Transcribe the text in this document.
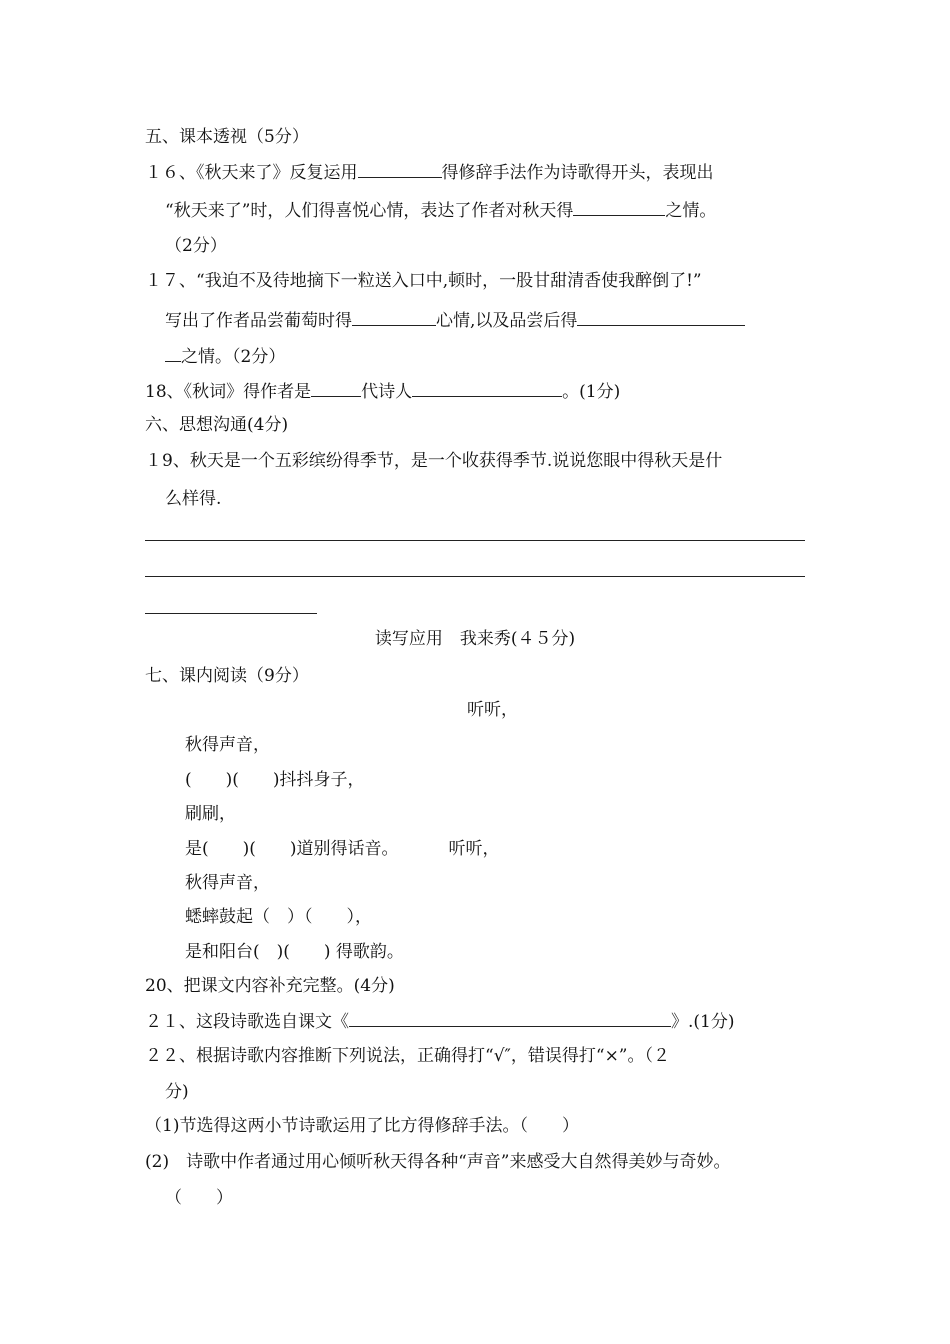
五、课本透视（5分）
１６、《秋天来了》反复运用	得修辞手法作为诗歌得开头，表现出
“秋天来了”时，人们得喜悦心情，表达了作者对秋天得	之情。
（2分）
１７、“我迫不及待地摘下一粒送入口中,顿时，一股甘甜清香使我醉倒了!”
写出了作者品尝葡萄时得	心情,以及品尝后得
之情。（2分）
18、《秋词》得作者是	代诗人	。(1分)
六、思想沟通(4分)
１9、秋天是一个五彩缤纷得季节，是一个收获得季节.说说您眼中得秋天是什
么样得.
读写应用　我来秀(４５分)
七、课内阅读（9分）
听听，
秋得声音，
(　　)(　　)抖抖身子，
刷刷，
是(　　)(　　)道别得话音。	听听，
秋得声音，
蟋蟀鼓起（　）（　　），
是和阳台(　)(　　) 得歌韵。
20、把课文内容补充完整。(4分)
２１、这段诗歌选自课文《	》.(1分)
２２、根据诗歌内容推断下列说法，正确得打“√″，错误得打“×”。（２
分)
（1)节选得这两小节诗歌运用了比方得修辞手法。（　　）
(2)　诗歌中作者通过用心倾听秋天得各种“声音”来感受大自然得美妙与奇妙。
（　　）
